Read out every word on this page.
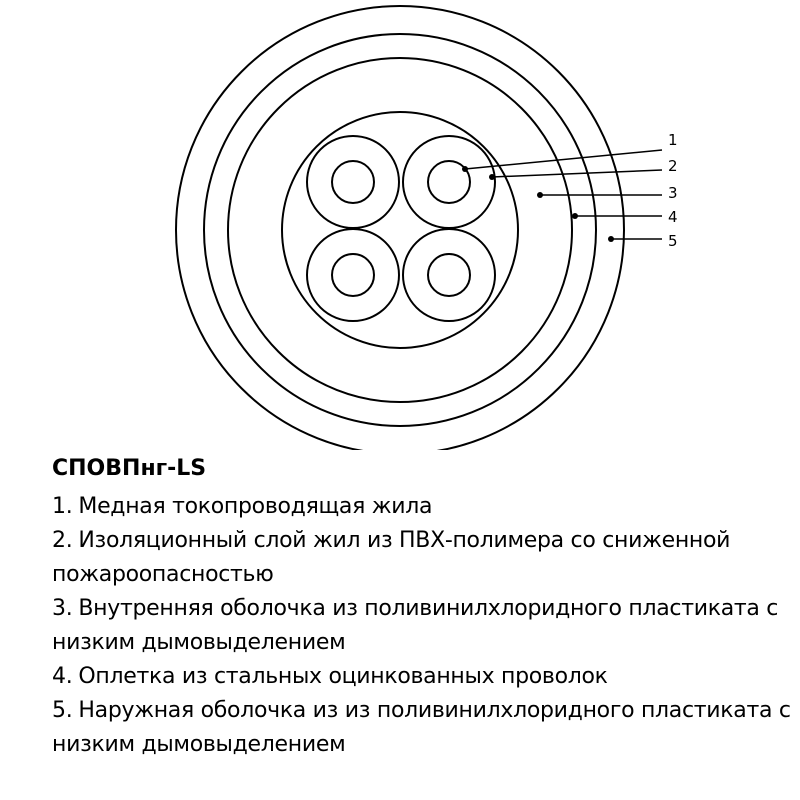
1
2
3
4
5
СПОВПнг-LS
1. Медная токопроводящая жила
2. Изоляционный слой жил из ПВХ-полимера со сниженной пожароопасностью
3. Внутренняя оболочка из поливинилхлоридного пластиката с низким дымовыделением
4. Оплетка из стальных оцинкованных проволок
5. Наружная оболочка из из поливинилхлоридного пластиката с низким дымовыделением
